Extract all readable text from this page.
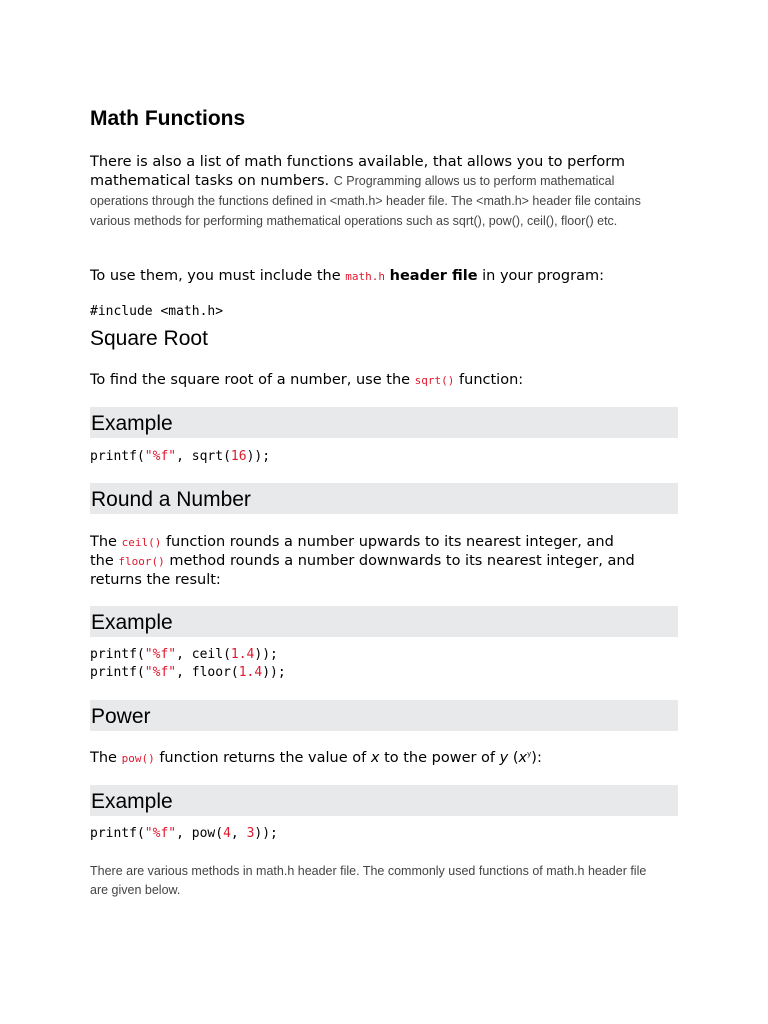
Math Functions
There is also a list of math functions available, that allows you to perform mathematical tasks on numbers. C Programming allows us to perform mathematical
operations through the functions defined in <math.h> header file. The <math.h> header file contains various methods for performing mathematical operations such as sqrt(), pow(), ceil(), floor() etc.
To use them, you must include the math.h header file in your program:
#include <math.h>
Square Root
To find the square root of a number, use the sqrt() function:
Example
printf("%f", sqrt(16));
Round a Number
The ceil() function rounds a number upwards to its nearest integer, and
the floor() method rounds a number downwards to its nearest integer, and
returns the result:
Example
printf("%f", ceil(1.4));
printf("%f", floor(1.4));
Power
The pow() function returns the value of x to the power of y $(x^y)$:
Example
printf("%f", pow(4, 3));
There are various methods in math.h header file. The commonly used functions of math.h header file are given below.
